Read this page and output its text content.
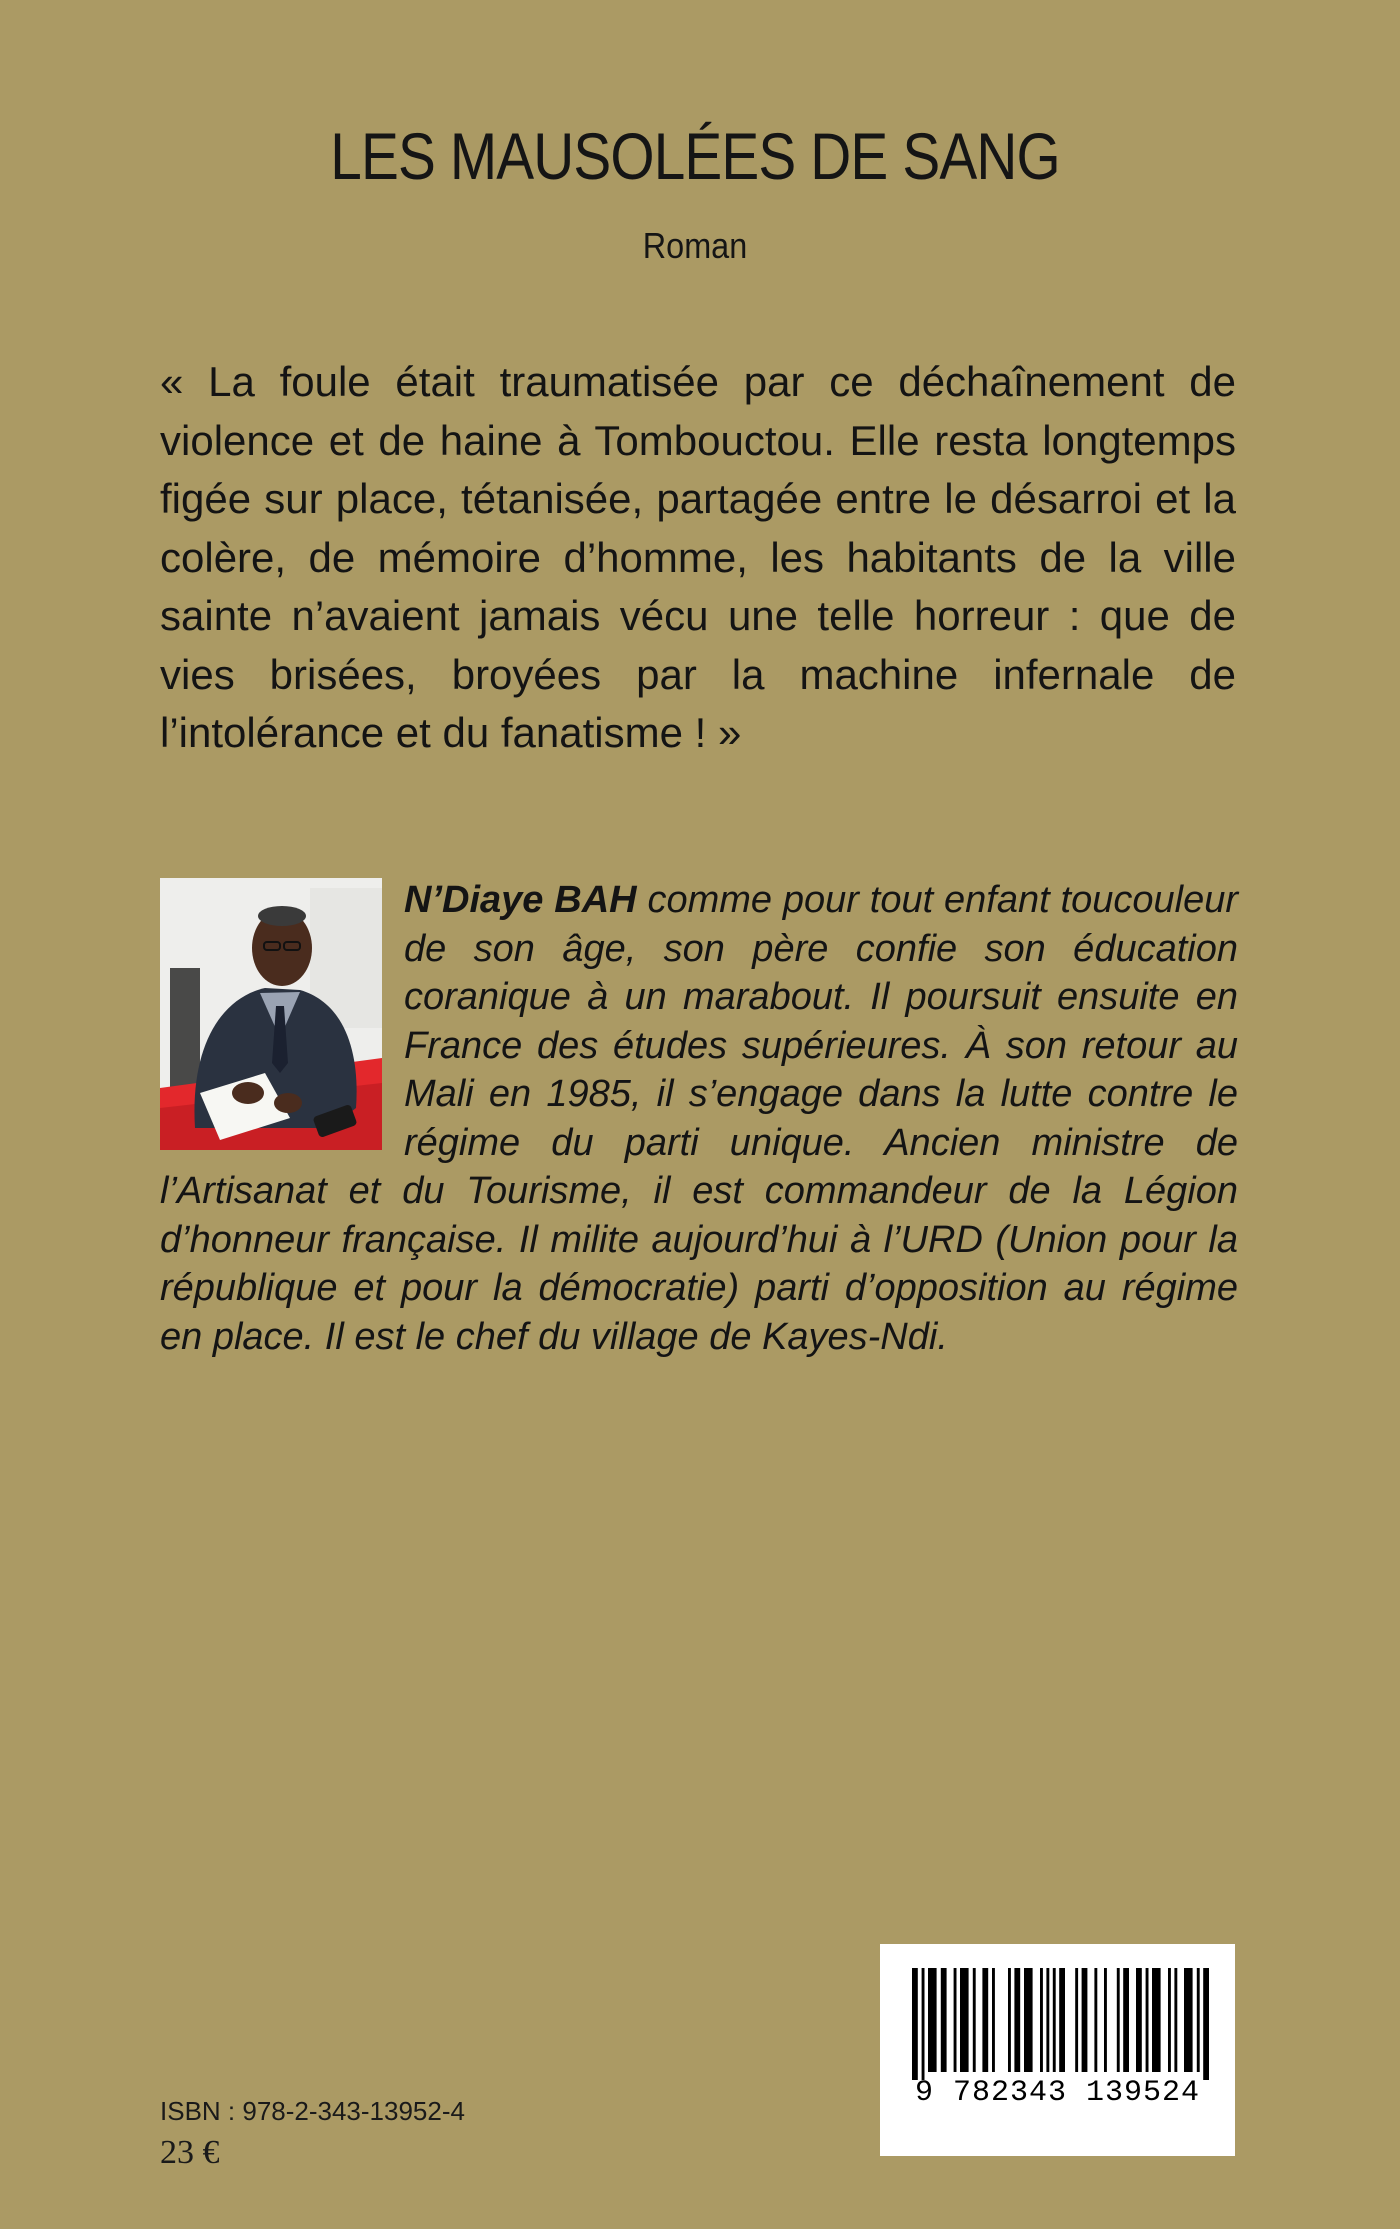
LES MAUSOLÉES DE SANG
Roman
« La foule était traumatisée par ce déchaînement de violence et de haine à Tombouctou. Elle resta longtemps figée sur place, tétanisée, partagée entre le désarroi et la colère, de mémoire d’homme, les habitants de la ville sainte n’avaient jamais vécu une telle horreur : que de vies brisées, broyées par la machine infernale de l’intolérance et du fanatisme ! »
N’Diaye BAH comme pour tout enfant toucouleur de son âge, son père confie son éducation coranique à un marabout. Il poursuit ensuite en France des études supérieures. À son retour au Mali en 1985, il s’engage dans la lutte contre le régime du parti unique. Ancien ministre de l’Artisanat et du Tourisme, il est commandeur de la Légion d’honneur française. Il milite aujourd’hui à l’URD (Union pour la république et pour la démocratie) parti d’opposition au régime en place. Il est le chef du village de Kayes-Ndi.
9 782343 139524
ISBN : 978-2-343-13952-4
23 €
